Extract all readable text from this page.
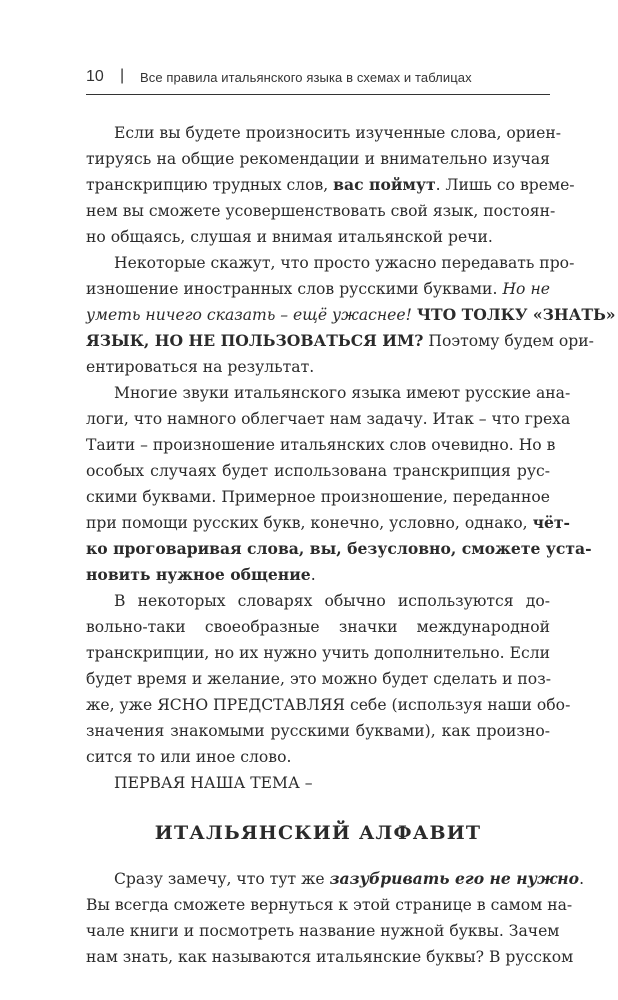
10 | Все правила итальянского языка в схемах и таблицах
Если вы будете произносить изученные слова, ориен-
тируясь на общие рекомендации и внимательно изучая
транскрипцию трудных слов, вас поймут. Лишь со време-
нем вы сможете усовершенствовать свой язык, постоян-
но общаясь, слушая и внимая итальянской речи.
Некоторые скажут, что просто ужасно передавать про-
изношение иностранных слов русскими буквами. Но не
уметь ничего сказать – ещё ужаснее! ЧТО ТОЛКУ «ЗНАТЬ»
ЯЗЫК, НО НЕ ПОЛЬЗОВАТЬСЯ ИМ? Поэтому будем ори-
ентироваться на результат.
Многие звуки итальянского языка имеют русские ана-
логи, что намного облегчает нам задачу. Итак – что греха
Таити – произношение итальянских слов очевидно. Но в
особых случаях будет использована транскрипция рус-
скими буквами. Примерное произношение, переданное
при помощи русских букв, конечно, условно, однако, чёт-
ко проговаривая слова, вы, безусловно, сможете уста-
новить нужное общение.
В некоторых словарях обычно используются до-
вольно-таки своеобразные значки международной
транскрипции, но их нужно учить дополнительно. Если
будет время и желание, это можно будет сделать и поз-
же, уже ЯСНО ПРЕДСТАВЛЯЯ себе (используя наши обо-
значения знакомыми русскими буквами), как произно-
сится то или иное слово.
ПЕРВАЯ НАША ТЕМА –
ИТАЛЬЯНСКИЙ АЛФАВИТ
Сразу замечу, что тут же зазубривать его не нужно.
Вы всегда сможете вернуться к этой странице в самом на-
чале книги и посмотреть название нужной буквы. Зачем
нам знать, как называются итальянские буквы? В русском
